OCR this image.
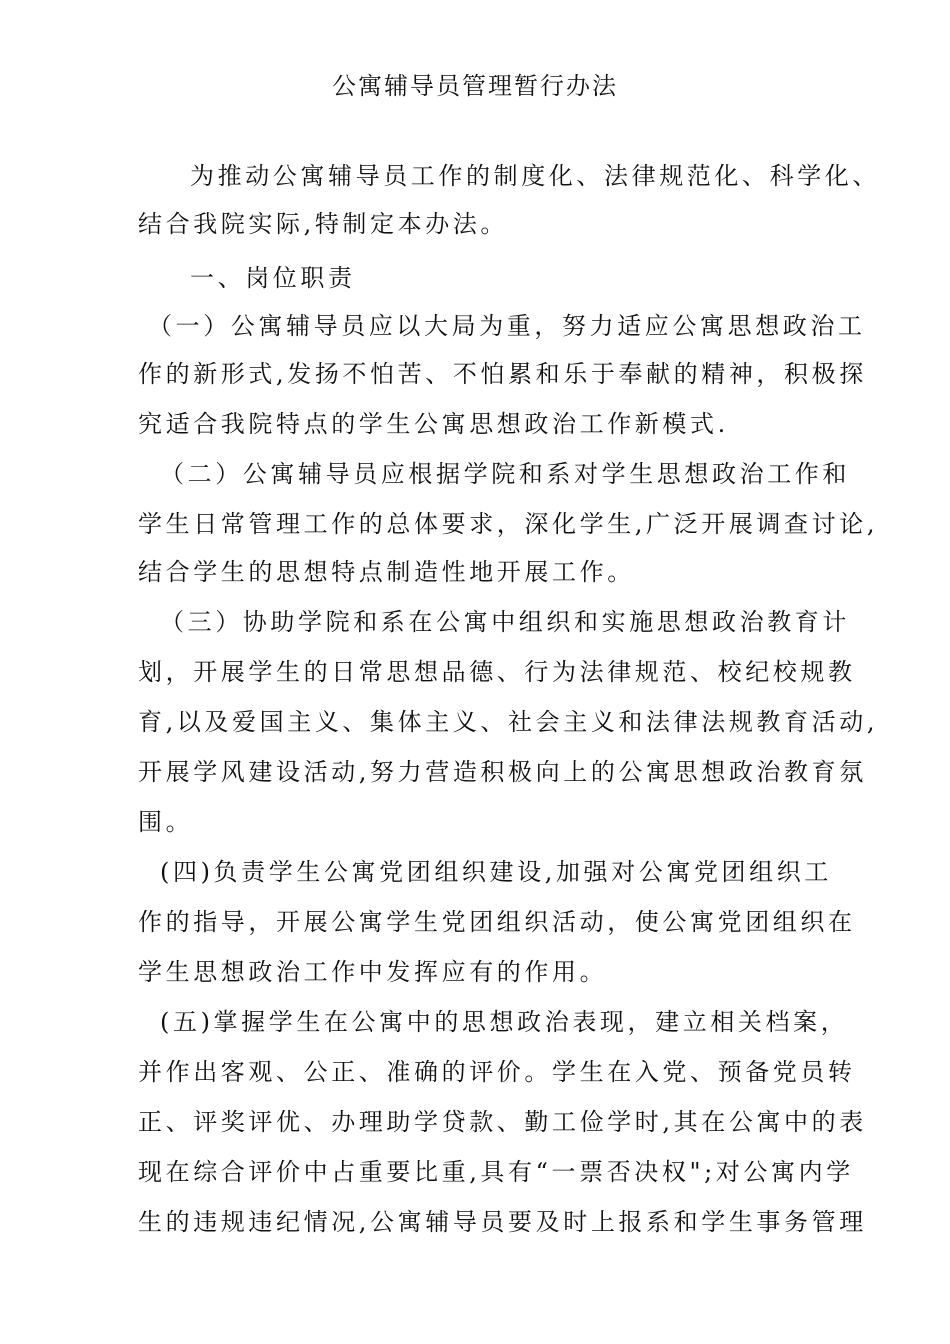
公寓辅导员管理暂行办法
为推动公寓辅导员工作的制度化、法律规范化、科学化、
结合我院实际,特制定本办法。
一、岗位职责
（一）公寓辅导员应以大局为重，努力适应公寓思想政治工
作的新形式,发扬不怕苦、不怕累和乐于奉献的精神，积极探
究适合我院特点的学生公寓思想政治工作新模式.
（二）公寓辅导员应根据学院和系对学生思想政治工作和
学生日常管理工作的总体要求，深化学生,广泛开展调查讨论,
结合学生的思想特点制造性地开展工作。
（三）协助学院和系在公寓中组织和实施思想政治教育计
划，开展学生的日常思想品德、行为法律规范、校纪校规教
育,以及爱国主义、集体主义、社会主义和法律法规教育活动,
开展学风建设活动,努力营造积极向上的公寓思想政治教育氛
围。
(四)负责学生公寓党团组织建设,加强对公寓党团组织工
作的指导，开展公寓学生党团组织活动，使公寓党团组织在
学生思想政治工作中发挥应有的作用。
(五)掌握学生在公寓中的思想政治表现，建立相关档案，
并作出客观、公正、准确的评价。学生在入党、预备党员转
正、评奖评优、办理助学贷款、勤工俭学时,其在公寓中的表
现在综合评价中占重要比重,具有“一票否决权";对公寓内学
生的违规违纪情况,公寓辅导员要及时上报系和学生事务管理
